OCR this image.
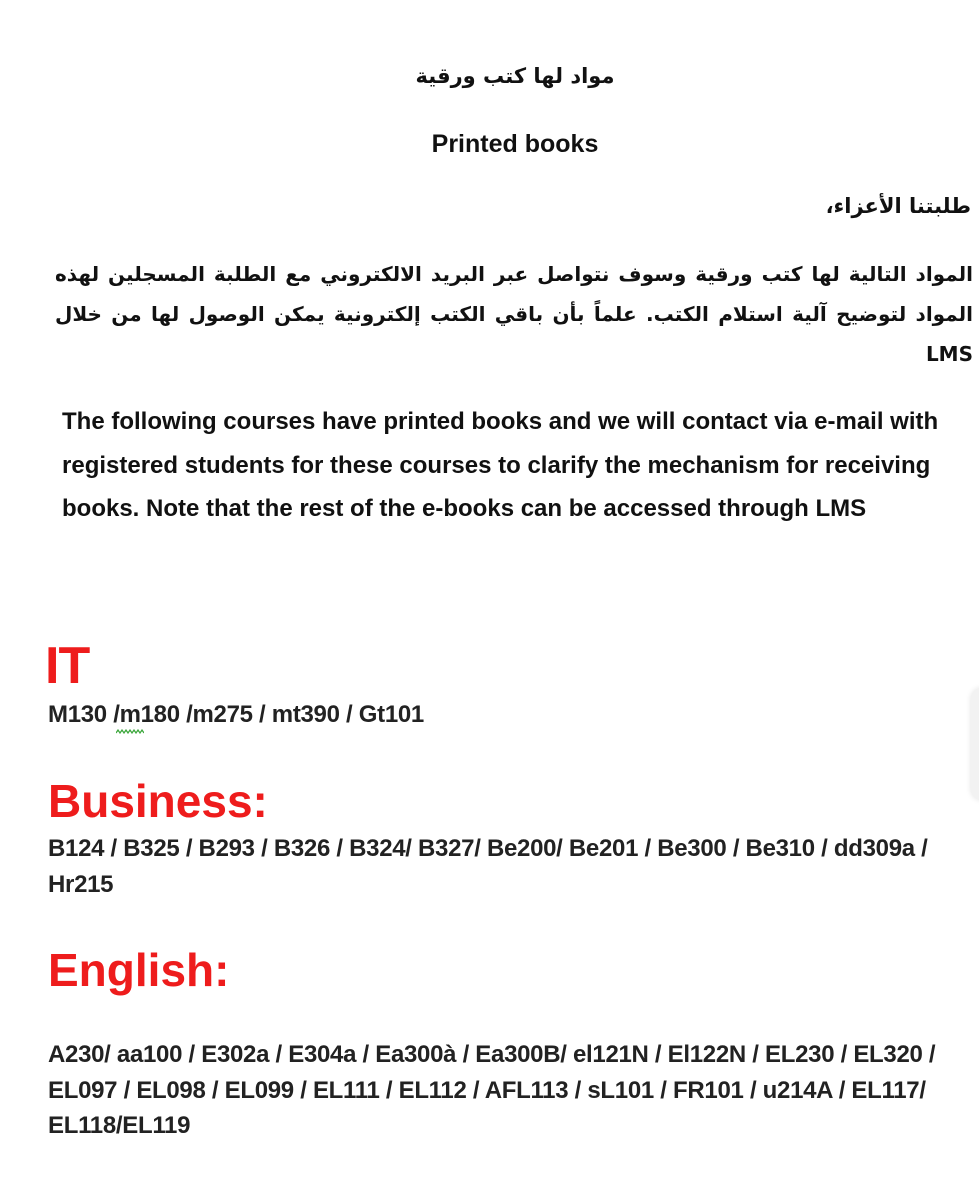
مواد لها كتب ورقية
Printed books
طلبتنا الأعزاء،
المواد التالية لها كتب ورقية وسوف نتواصل عبر البريد الالكتروني مع الطلبة المسجلين لهذه المواد لتوضيح آلية استلام الكتب. علماً بأن باقي الكتب إلكترونية يمكن الوصول لها من خلال LMS
The following courses have printed books and we will contact via e-mail with registered students for these courses to clarify the mechanism for receiving books. Note that the rest of the e-books can be accessed through LMS
IT
M130 /m180 /m275 / mt390 / Gt101
Business:
B124 / B325 / B293 / B326 / B324/ B327/ Be200/ Be201 / Be300 / Be310 / dd309a / Hr215
English:
A230/ aa100 / E302a / E304a / Ea300à / Ea300B/ el121N / El122N / EL230 / EL320 / EL097 / EL098 / EL099 / EL111 / EL112 / AFL113 / sL101 / FR101 / u214A / EL117/ EL118/EL119
